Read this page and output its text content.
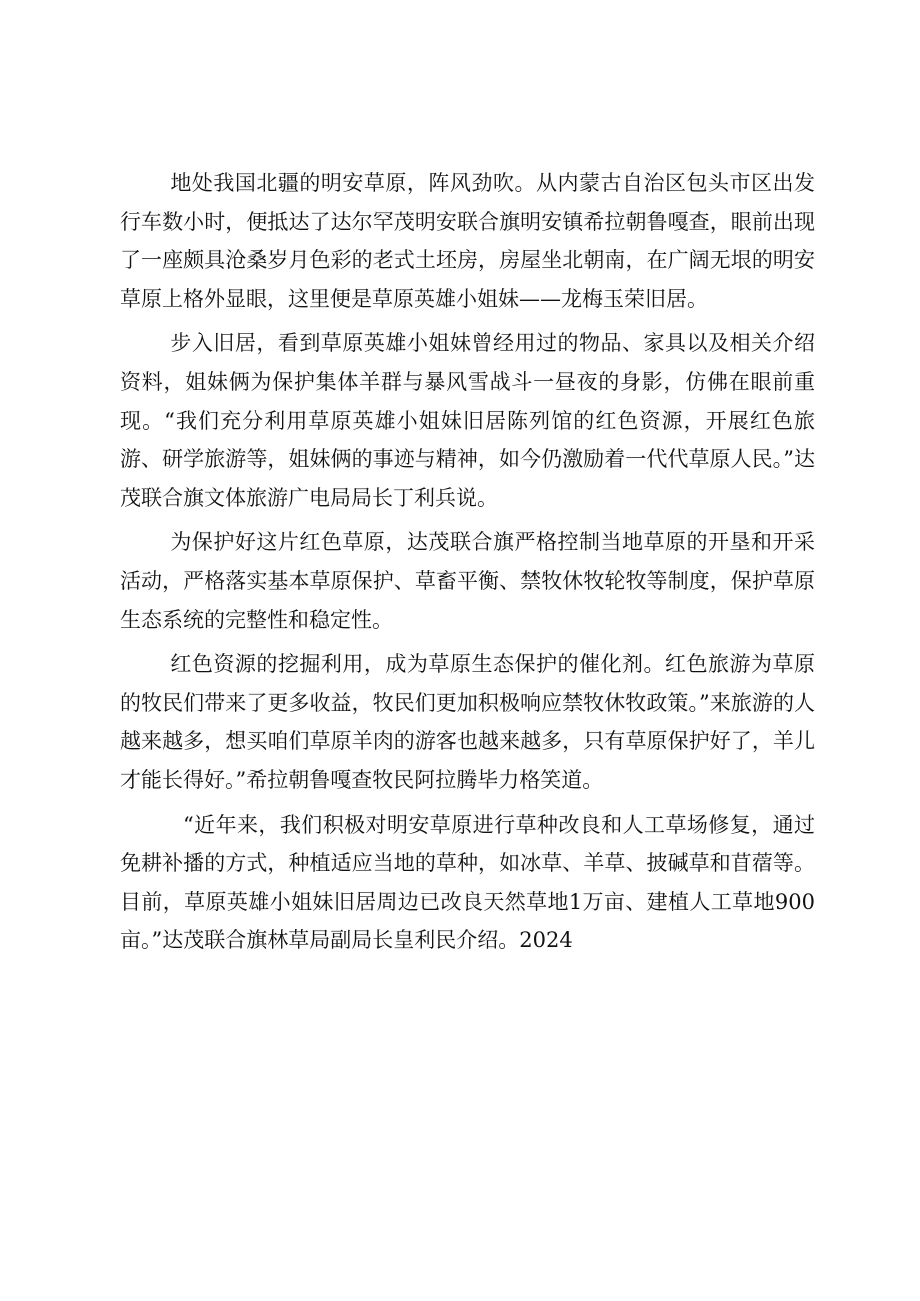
地处我国北疆的明安草原，阵风劲吹。从内蒙古自治区包头市区出发行车数小时，便抵达了达尔罕茂明安联合旗明安镇希拉朝鲁嘎查，眼前出现了一座颇具沧桑岁月色彩的老式土坯房，房屋坐北朝南，在广阔无垠的明安草原上格外显眼，这里便是草原英雄小姐妹——龙梅玉荣旧居。

步入旧居，看到草原英雄小姐妹曾经用过的物品、家具以及相关介绍资料，姐妹俩为保护集体羊群与暴风雪战斗一昼夜的身影，仿佛在眼前重现。“我们充分利用草原英雄小姐妹旧居陈列馆的红色资源，开展红色旅游、研学旅游等，姐妹俩的事迹与精神，如今仍激励着一代代草原人民。”达茂联合旗文体旅游广电局局长丁利兵说。

为保护好这片红色草原，达茂联合旗严格控制当地草原的开垦和开采活动，严格落实基本草原保护、草畜平衡、禁牧休牧轮牧等制度，保护草原生态系统的完整性和稳定性。

红色资源的挖掘利用，成为草原生态保护的催化剂。红色旅游为草原的牧民们带来了更多收益，牧民们更加积极响应禁牧休牧政策。”来旅游的人越来越多，想买咱们草原羊肉的游客也越来越多，只有草原保护好了，羊儿才能长得好。”希拉朝鲁嘎查牧民阿拉腾毕力格笑道。

“近年来，我们积极对明安草原进行草种改良和人工草场修复，通过免耕补播的方式，种植适应当地的草种，如冰草、羊草、披碱草和苜蓿等。目前，草原英雄小姐妹旧居周边已改良天然草地1万亩、建植人工草地900亩。”达茂联合旗林草局副局长皇利民介绍。2024
